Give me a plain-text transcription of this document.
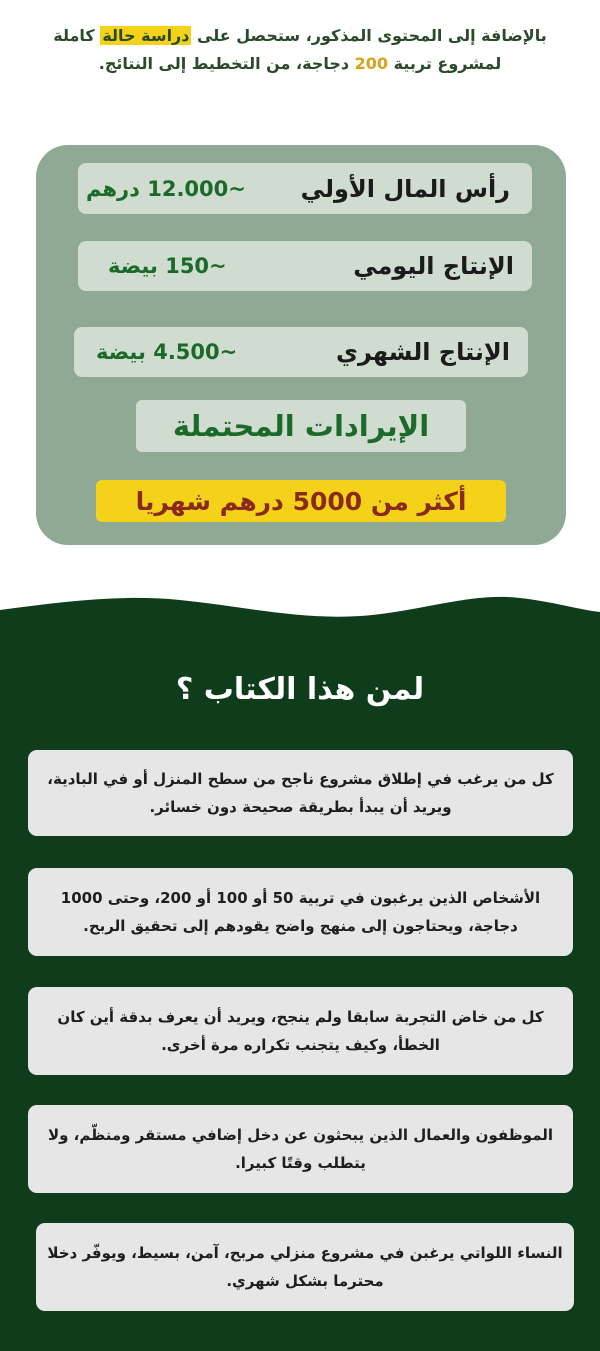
بالإضافة إلى المحتوى المذكور، ستحصل على دراسة حالة كاملة لمشروع تربية 200 دجاجة، من التخطيط إلى النتائج.
~12.000 درهم رأس المال الأولي
~150 بيضة	الإنتاج اليومي
~4.500 بيضة	الإنتاج الشهري
الإيرادات المحتملة
أكثر من 5000 درهم شهريا
لمن هذا الكتاب ؟
كل من يرغب في إطلاق مشروع ناجح من سطح المنزل أو في البادية، ويريد أن يبدأ بطريقة صحيحة دون خسائر.
الأشخاص الذين يرغبون في تربية 50 أو 100 أو 200، وحتى 1000 دجاجة، ويحتاجون إلى منهج واضح يقودهم إلى تحقيق الربح.
كل من خاض التجربة سابقا ولم ينجح، ويريد أن يعرف بدقة أين كان الخطأ، وكيف يتجنب تكراره مرة أخرى.
الموظفون والعمال الذين يبحثون عن دخل إضافي مستقر ومنظّم، ولا يتطلب وقتًا كبيرا.
النساء اللواتي يرغبن في مشروع منزلي مربح، آمن، بسيط، ويوفّر دخلا محترما بشكل شهري.
